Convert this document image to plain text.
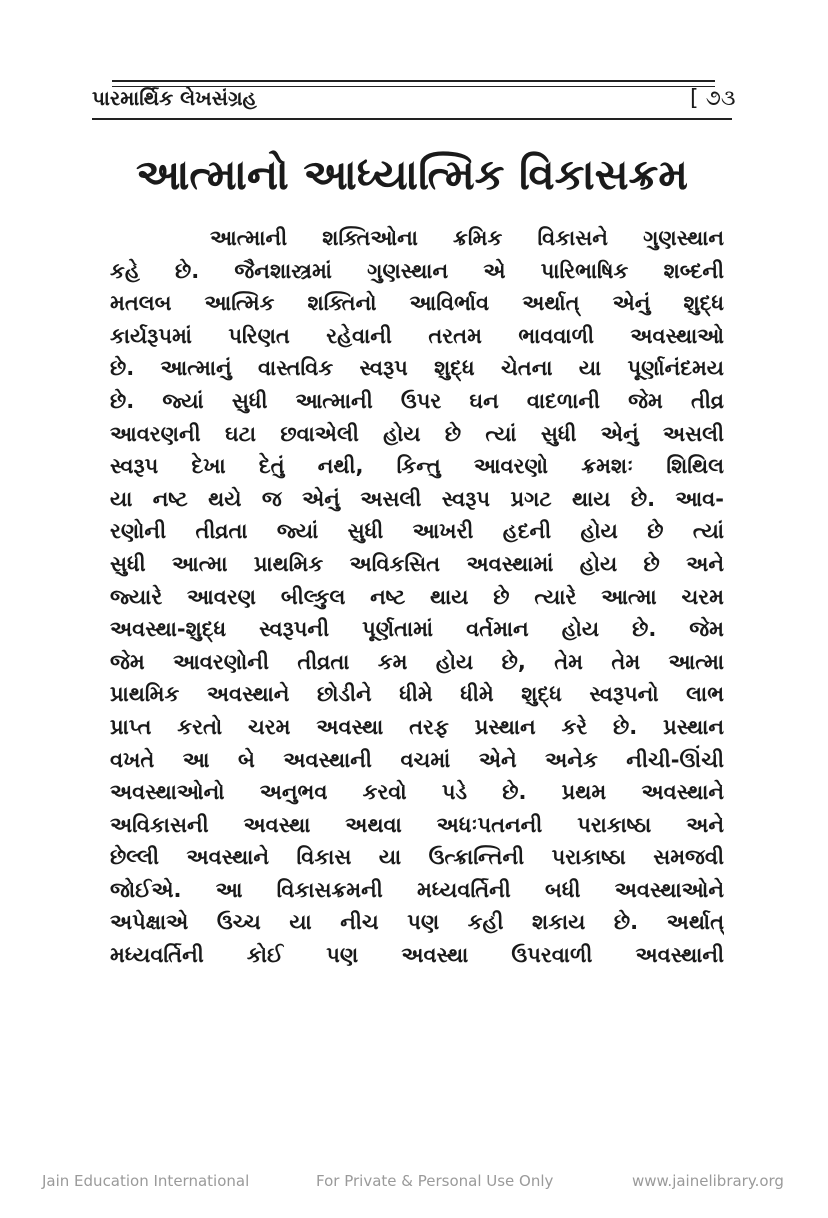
પારમાર્થિક લેખસંગ્રહ	[ ૭૩
આત્માનો આધ્યાત્મિક વિકાસક્રમ
આત્માની શક્તિઓના ક્રમિક વિકાસને ગુણસ્થાન
કહે છે. જૈનશાસ્ત્રમાં ગુણસ્થાન એ પારિભાષિક શબ્દની
મતલબ આત્મિક શક્તિનો આવિર્ભાવ અર્થાત્ એનું શુદ્ધ
કાર્યરૂપમાં પરિણત રહેવાની તરતમ ભાવવાળી અવસ્થાઓ
છે. આત્માનું વાસ્તવિક સ્વરૂપ શુદ્ધ ચેતના યા પૂર્ણાનંદમય
છે. જ્યાં સુધી આત્માની ઉપર ઘન વાદળાની જેમ તીવ્ર
આવરણની ઘટા છવાએલી હોય છે ત્યાં સુધી એનું અસલી
સ્વરૂપ દેખા દેતું નથી, કિન્તુ આવરણો ક્રમશઃ શિથિલ
યા નષ્ટ થયે જ એનું અસલી સ્વરૂપ પ્રગટ થાય છે. આવ-
રણોની તીવ્રતા જ્યાં સુધી આખરી હદની હોય છે ત્યાં
સુધી આત્મા પ્રાથમિક અવિકસિત અવસ્થામાં હોય છે અને
જ્યારે આવરણ બીલ્કુલ નષ્ટ થાય છે ત્યારે આત્મા ચરમ
અવસ્થા-શુદ્ધ સ્વરૂપની પૂર્ણતામાં વર્તમાન હોય છે. જેમ
જેમ આવરણોની તીવ્રતા કમ હોય છે, તેમ તેમ આત્મા
પ્રાથમિક અવસ્થાને છોડીને ધીમે ધીમે શુદ્ધ સ્વરૂપનો લાભ
પ્રાપ્ત કરતો ચરમ અવસ્થા તરફ પ્રસ્થાન કરે છે. પ્રસ્થાન
વખતે આ બે અવસ્થાની વચમાં એને અનેક નીચી-ઊંચી
અવસ્થાઓનો અનુભવ કરવો પડે છે. પ્રથમ અવસ્થાને
અવિકાસની અવસ્થા અથવા અધઃપતનની પરાકાષ્ઠા અને
છેલ્લી અવસ્થાને વિકાસ યા ઉત્ક્રાન્તિની પરાકાષ્ઠા સમજવી
જોઈએ. આ વિકાસક્રમની મધ્યવર્તિની બધી અવસ્થાઓને
અપેક્ષાએ ઉચ્ચ યા નીચ પણ કહી શકાય છે. અર્થાત્
મધ્યવર્તિની કોઈ પણ અવસ્થા ઉપરવાળી અવસ્થાની
Jain Education International	For Private & Personal Use Only	www.jainelibrary.org
